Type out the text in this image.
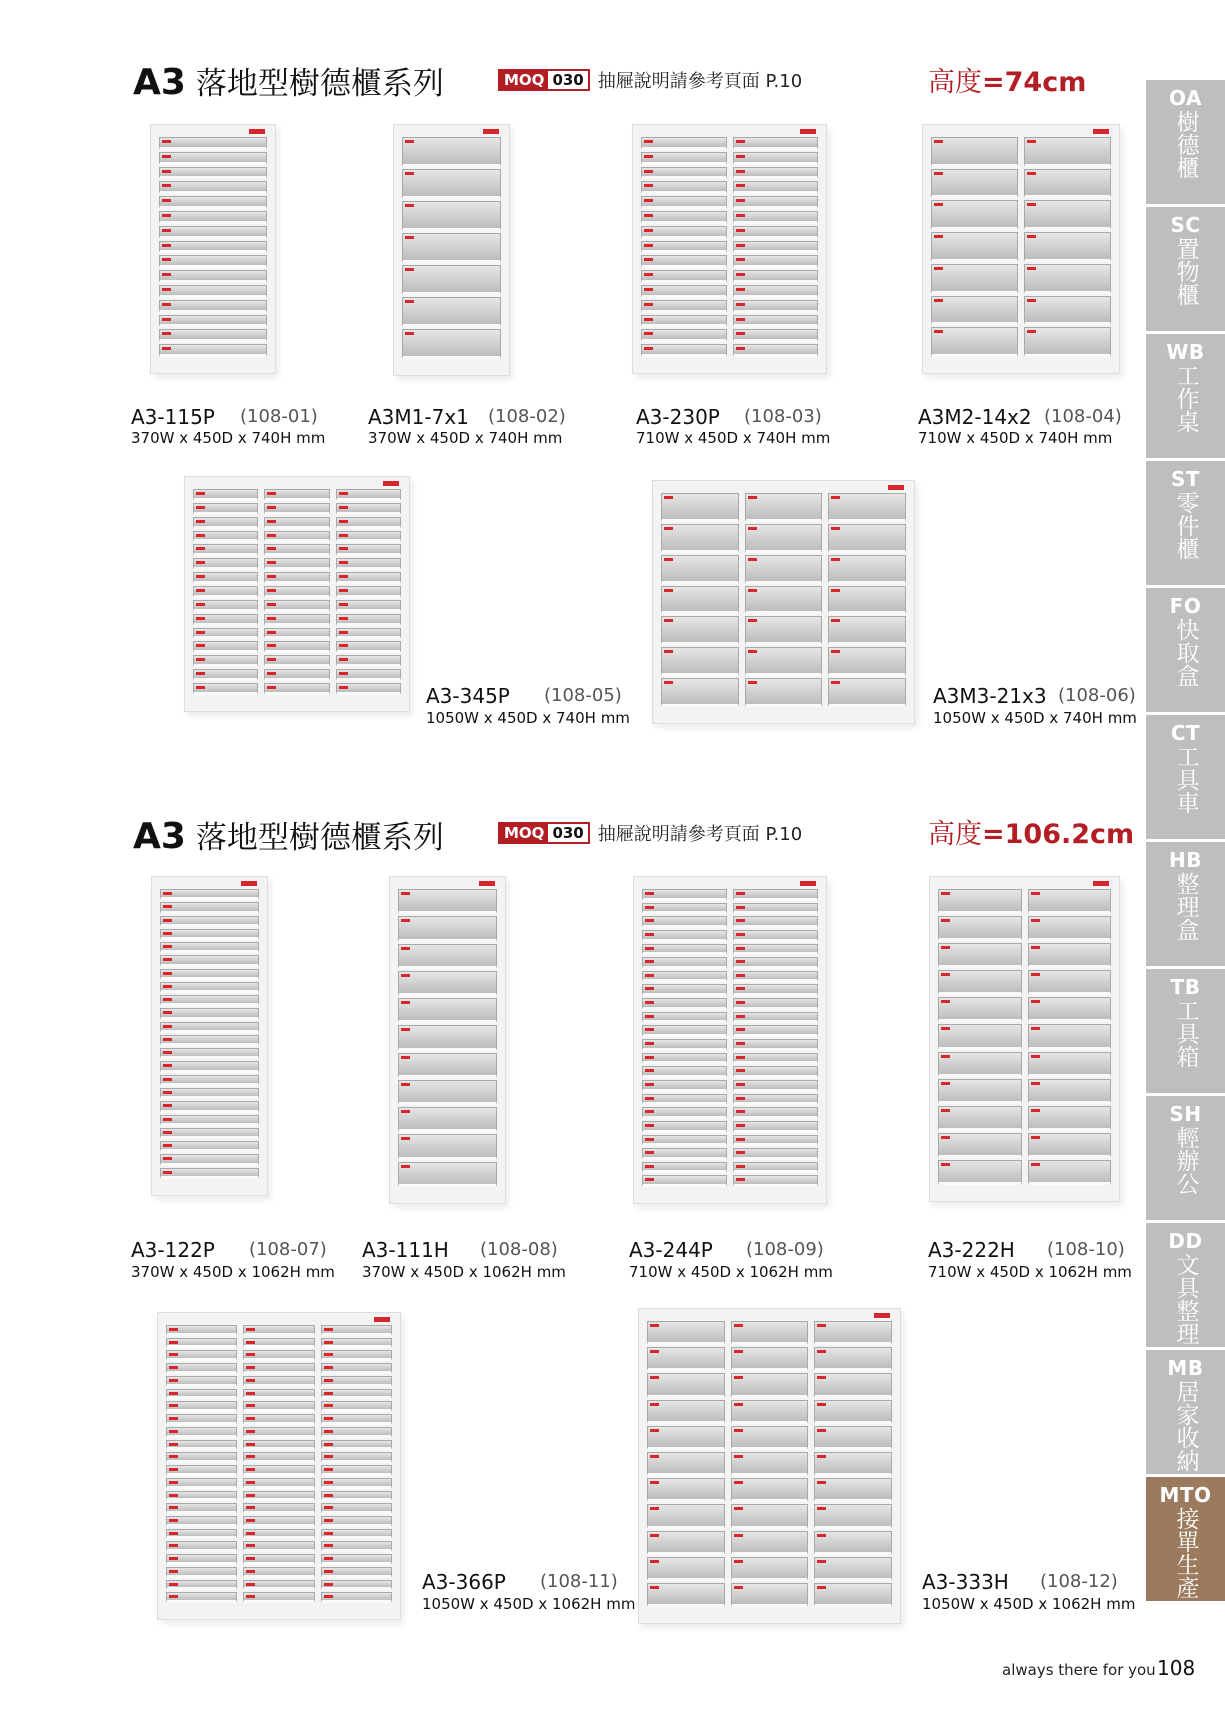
A3 落地型樹德櫃系列	MOQ 030 抽屜說明請參考頁面 P.10	高度=74cm
A3 落地型樹德櫃系列	MOQ 030 抽屜說明請參考頁面 P.10	高度=106.2cm
A3-115P (108-01)
370W x 450D x 740H mm
A3M1-7x1 (108-02)
370W x 450D x 740H mm
A3-230P (108-03)
710W x 450D x 740H mm
A3M2-14x2 (108-04)
710W x 450D x 740H mm
A3-345P (108-05)
1050W x 450D x 740H mm
A3M3-21x3 (108-06)
1050W x 450D x 740H mm
A3-122P (108-07)
370W x 450D x 1062H mm
A3-111H (108-08)
370W x 450D x 1062H mm
A3-244P (108-09)
710W x 450D x 1062H mm
A3-222H (108-10)
710W x 450D x 1062H mm
A3-366P (108-11)
1050W x 450D x 1062H mm
A3-333H (108-12)
1050W x 450D x 1062H mm
OA
樹德櫃
SC
置物櫃
WB
工作桌
ST
零件櫃
FO
快取盒
CT
工具車
HB
整理盒
TB
工具箱
SH
輕辦公
DD
文具整理
MB
居家收納
MTO
接單生產
always there for you 108
